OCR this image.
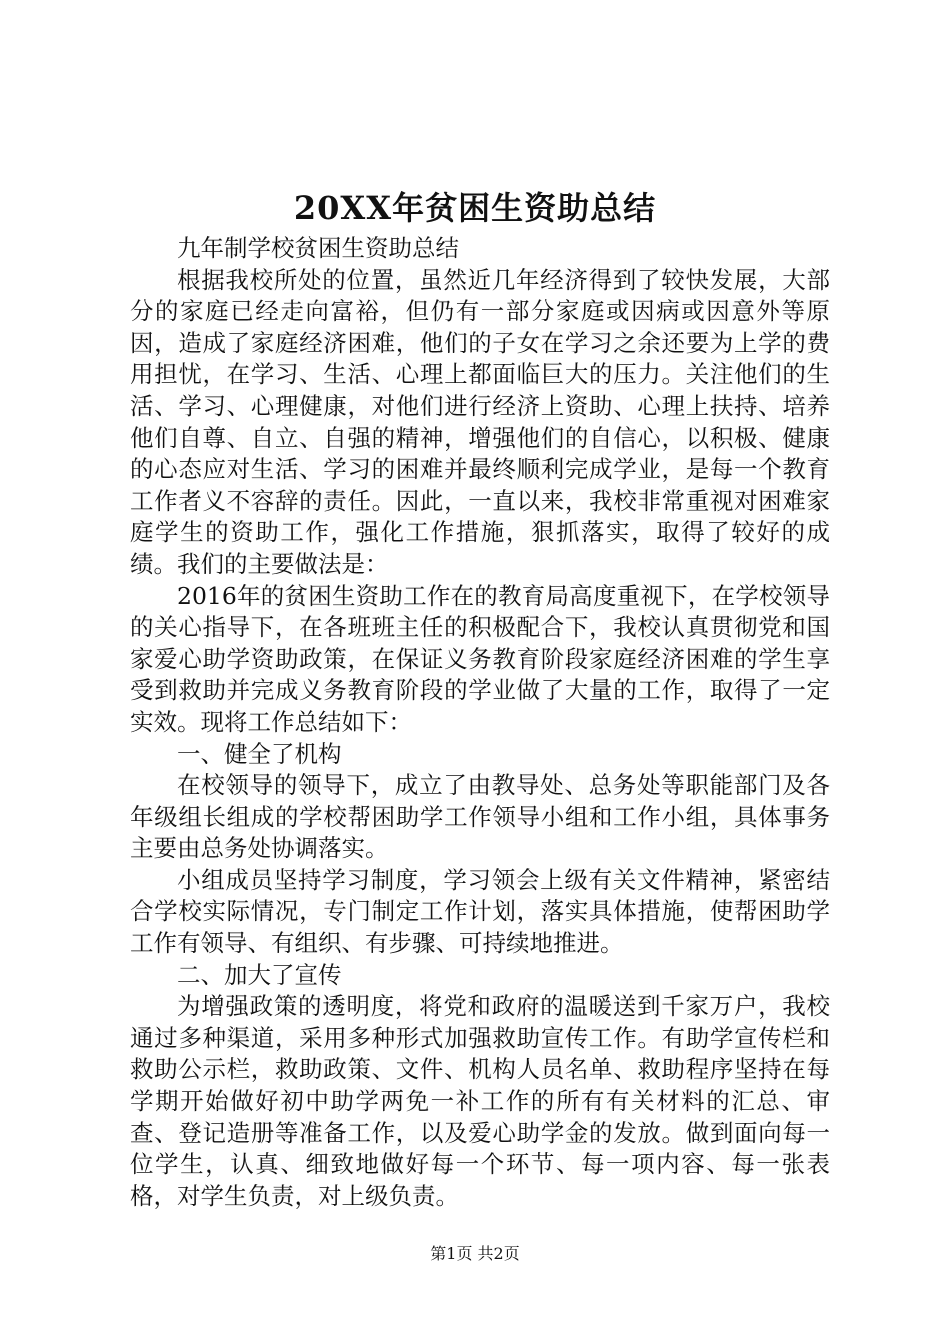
20XX年贫困生资助总结

九年制学校贫困生资助总结

根据我校所处的位置，虽然近几年经济得到了较快发展，大部分的家庭已经走向富裕，但仍有一部分家庭或因病或因意外等原因，造成了家庭经济困难，他们的子女在学习之余还要为上学的费用担忧，在学习、生活、心理上都面临巨大的压力。关注他们的生活、学习、心理健康，对他们进行经济上资助、心理上扶持、培养他们自尊、自立、自强的精神，增强他们的自信心，以积极、健康的心态应对生活、学习的困难并最终顺利完成学业，是每一个教育工作者义不容辞的责任。因此，一直以来，我校非常重视对困难家庭学生的资助工作，强化工作措施，狠抓落实，取得了较好的成绩。我们的主要做法是：

2016年的贫困生资助工作在的教育局高度重视下，在学校领导的关心指导下，在各班班主任的积极配合下，我校认真贯彻党和国家爱心助学资助政策，在保证义务教育阶段家庭经济困难的学生享受到救助并完成义务教育阶段的学业做了大量的工作，取得了一定实效。现将工作总结如下：

一、健全了机构

在校领导的领导下，成立了由教导处、总务处等职能部门及各年级组长组成的学校帮困助学工作领导小组和工作小组，具体事务主要由总务处协调落实。

小组成员坚持学习制度，学习领会上级有关文件精神，紧密结合学校实际情况，专门制定工作计划，落实具体措施，使帮困助学工作有领导、有组织、有步骤、可持续地推进。

二、加大了宣传

为增强政策的透明度，将党和政府的温暖送到千家万户，我校通过多种渠道，采用多种形式加强救助宣传工作。有助学宣传栏和救助公示栏，救助政策、文件、机构人员名单、救助程序坚持在每学期开始做好初中助学两免一补工作的所有有关材料的汇总、审查、登记造册等准备工作，以及爱心助学金的发放。做到面向每一位学生，认真、细致地做好每一个环节、每一项内容、每一张表格，对学生负责，对上级负责。

第1页 共2页
